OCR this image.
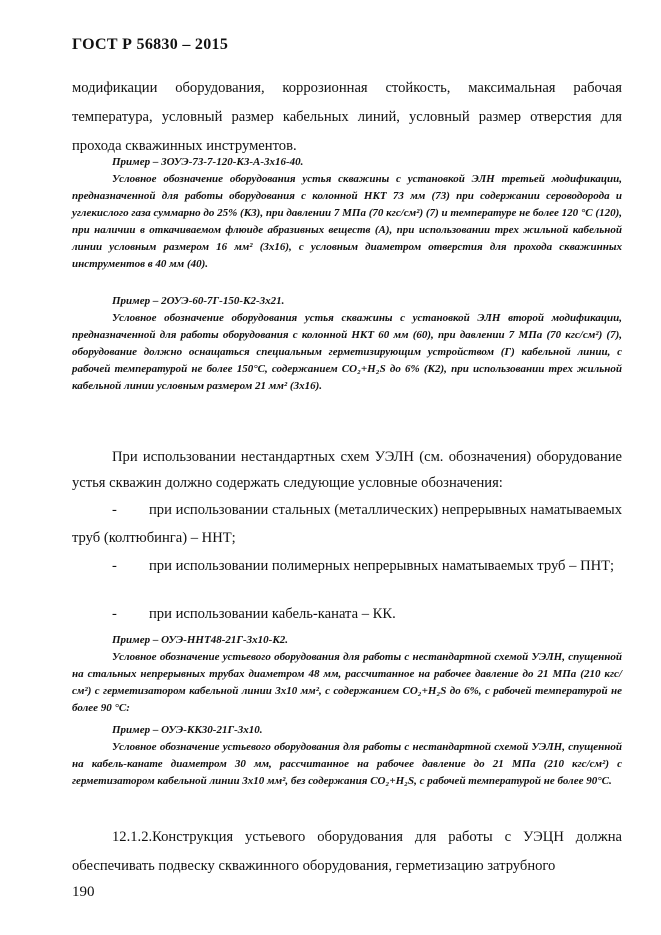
ГОСТ Р 56830 – 2015
модификации оборудования, коррозионная стойкость, максимальная рабочая температура, условный размер кабельных линий, условный размер отверстия для прохода скважинных инструментов.
Пример – 3ОУЭ-73-7-120-К3-А-3х16-40.
Условное обозначение оборудования устья скважины с установкой ЭЛН третьей модификации, предназначенной для работы оборудования с колонной НКТ 73 мм (73) при содержании сероводорода и углекислого газа суммарно до 25% (К3), при давлении 7 МПа (70 кгс/см²) (7) и температуре не более 120 °С (120), при наличии в откачиваемом флюиде абразивных веществ (А), при использовании трех жильной кабельной линии условным размером 16 мм² (3х16), с условным диаметром отверстия для прохода скважинных инструментов в 40 мм (40).
Пример – 2ОУЭ-60-7Г-150-К2-3х21.
Условное обозначение оборудования устья скважины с установкой ЭЛН второй модификации, предназначенной для работы оборудования с колонной НКТ 60 мм (60), при давлении 7 МПа (70 кгс/см²) (7), оборудование должно оснащаться специальным герметизирующим устройством (Г) кабельной линии, с рабочей температурой не более 150°С, содержанием CO₂+H₂S до 6% (К2), при использовании трех жильной кабельной линии условным размером 21 мм² (3х16).
При использовании нестандартных схем УЭЛН (см. обозначения) оборудование устья скважин должно содержать следующие условные обозначения:
- при использовании стальных (металлических) непрерывных наматываемых труб (колтюбинга) – ННТ;
- при использовании полимерных непрерывных наматываемых труб – ПНТ;
- при использовании кабель-каната – КК.
Пример – ОУЭ-ННТ48-21Г-3х10-К2.
Условное обозначение устьевого оборудования для работы с нестандартной схемой УЭЛН, спущенной на стальных непрерывных трубах диаметром 48 мм, рассчитанное на рабочее давление до 21 МПа (210 кгс/см²) с герметизатором кабельной линии 3х10 мм², с содержанием CO₂+H₂S до 6%, с рабочей температурой не более 90 °С:
Пример – ОУЭ-КК30-21Г-3х10.
Условное обозначение устьевого оборудования для работы с нестандартной схемой УЭЛН, спущенной на кабель-канате диаметром 30 мм, рассчитанное на рабочее давление до 21 МПа (210 кгс/см²) с герметизатором кабельной линии 3х10 мм², без содержания CO₂+H₂S, с рабочей температурой не более 90°С.
12.1.2.Конструкция устьевого оборудования для работы с УЭЦН должна обеспечивать подвеску скважинного оборудования, герметизацию затрубного
190
